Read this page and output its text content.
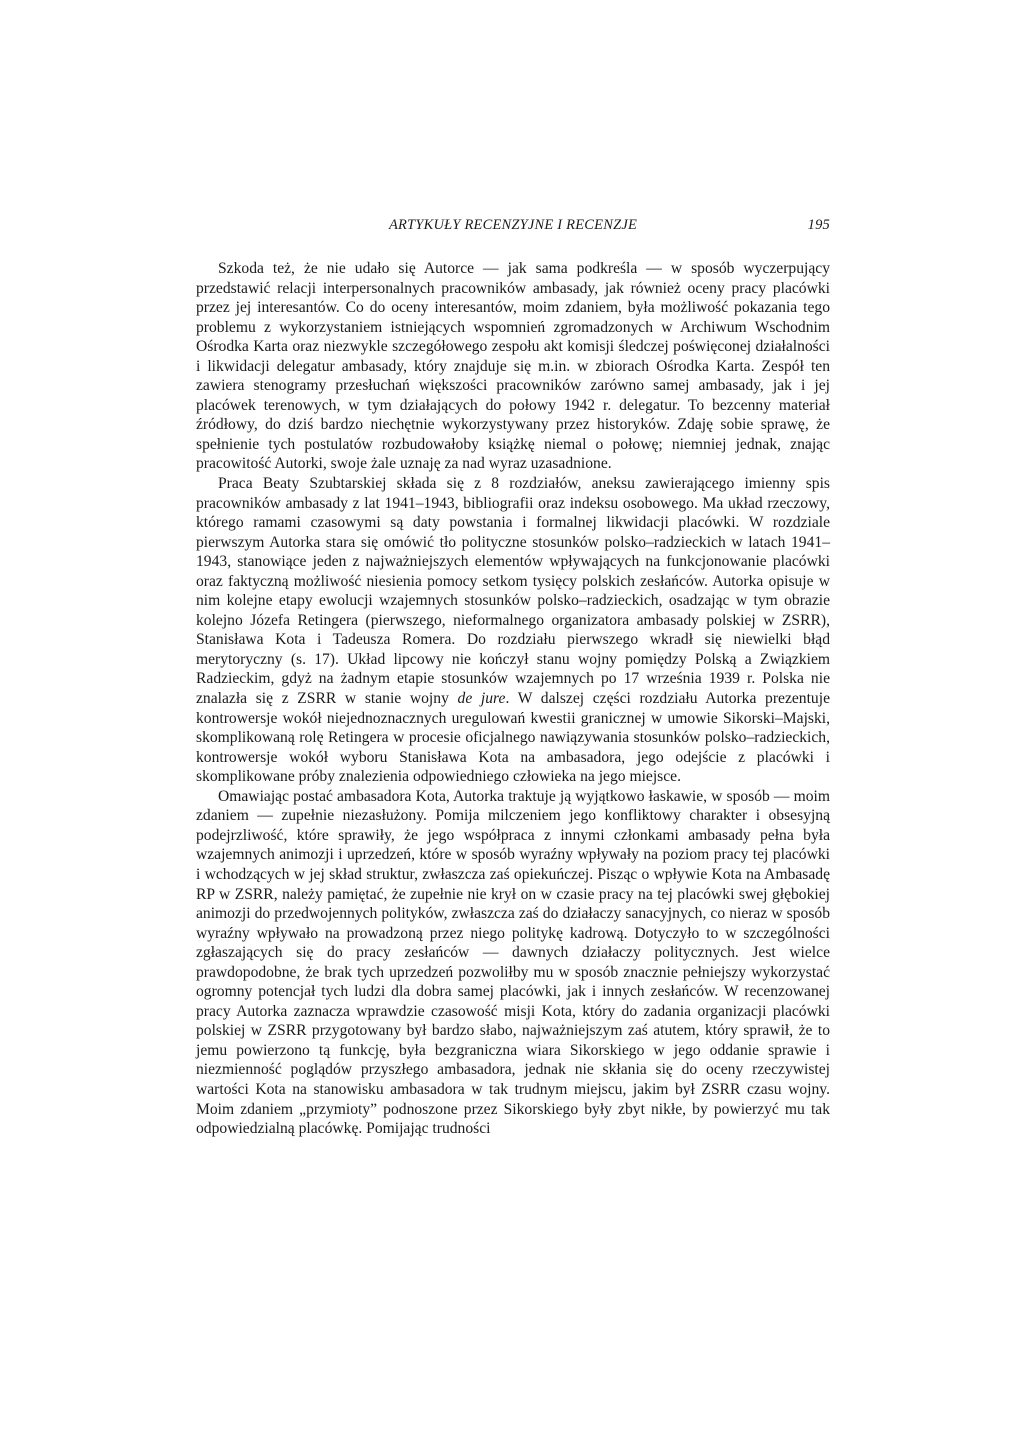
ARTYKUŁY RECENZYJNE I RECENZJE	195

Szkoda też, że nie udało się Autorce — jak sama podkreśla — w sposób wyczerpujący przedstawić relacji interpersonalnych pracowników ambasady, jak również oceny pracy placówki przez jej interesantów. Co do oceny interesantów, moim zdaniem, była możliwość pokazania tego problemu z wykorzystaniem istniejących wspomnień zgromadzonych w Archiwum Wschodnim Ośrodka Karta oraz niezwykle szczegółowego zespołu akt komisji śledczej poświęconej działalności i likwidacji delegatur ambasady, który znajduje się m.in. w zbiorach Ośrodka Karta. Zespół ten zawiera stenogramy przesłuchań większości pracowników zarówno samej ambasady, jak i jej placówek terenowych, w tym działających do połowy 1942 r. delegatur. To bezcenny materiał źródłowy, do dziś bardzo niechętnie wykorzystywany przez historyków. Zdaję sobie sprawę, że spełnienie tych postulatów rozbudowałoby książkę niemal o połowę; niemniej jednak, znając pracowitość Autorki, swoje żale uznaję za nad wyraz uzasadnione.

Praca Beaty Szubtarskiej składa się z 8 rozdziałów, aneksu zawierającego imienny spis pracowników ambasady z lat 1941–1943, bibliografii oraz indeksu osobowego. Ma układ rzeczowy, którego ramami czasowymi są daty powstania i formalnej likwidacji placówki. W rozdziale pierwszym Autorka stara się omówić tło polityczne stosunków polsko–radzieckich w latach 1941–1943, stanowiące jeden z najważniejszych elementów wpływających na funkcjonowanie placówki oraz faktyczną możliwość niesienia pomocy setkom tysięcy polskich zesłańców. Autorka opisuje w nim kolejne etapy ewolucji wzajemnych stosunków polsko–radzieckich, osadzając w tym obrazie kolejno Józefa Retingera (pierwszego, nieformalnego organizatora ambasady polskiej w ZSRR), Stanisława Kota i Tadeusza Romera. Do rozdziału pierwszego wkradł się niewielki błąd merytoryczny (s. 17). Układ lipcowy nie kończył stanu wojny pomiędzy Polską a Związkiem Radzieckim, gdyż na żadnym etapie stosunków wzajemnych po 17 września 1939 r. Polska nie znalazła się z ZSRR w stanie wojny de jure. W dalszej części rozdziału Autorka prezentuje kontrowersje wokół niejednoznacznych uregulowań kwestii granicznej w umowie Sikorski–Majski, skomplikowaną rolę Retingera w procesie oficjalnego nawiązywania stosunków polsko–radzieckich, kontrowersje wokół wyboru Stanisława Kota na ambasadora, jego odejście z placówki i skomplikowane próby znalezienia odpowiedniego człowieka na jego miejsce.

Omawiając postać ambasadora Kota, Autorka traktuje ją wyjątkowo łaskawie, w sposób — moim zdaniem — zupełnie niezasłużony. Pomija milczeniem jego konfliktowy charakter i obsesyjną podejrzliwość, które sprawiły, że jego współpraca z innymi członkami ambasady pełna była wzajemnych animozji i uprzedzeń, które w sposób wyraźny wpływały na poziom pracy tej placówki i wchodzących w jej skład struktur, zwłaszcza zaś opiekuńczej. Pisząc o wpływie Kota na Ambasadę RP w ZSRR, należy pamiętać, że zupełnie nie krył on w czasie pracy na tej placówki swej głębokiej animozji do przedwojennych polityków, zwłaszcza zaś do działaczy sanacyjnych, co nieraz w sposób wyraźny wpływało na prowadzoną przez niego politykę kadrową. Dotyczyło to w szczególności zgłaszających się do pracy zesłańców — dawnych działaczy politycznych. Jest wielce prawdopodobne, że brak tych uprzedzeń pozwoliłby mu w sposób znacznie pełniejszy wykorzystać ogromny potencjał tych ludzi dla dobra samej placówki, jak i innych zesłańców. W recenzowanej pracy Autorka zaznacza wprawdzie czasowość misji Kota, który do zadania organizacji placówki polskiej w ZSRR przygotowany był bardzo słabo, najważniejszym zaś atutem, który sprawił, że to jemu powierzono tą funkcję, była bezgraniczna wiara Sikorskiego w jego oddanie sprawie i niezmienność poglądów przyszłego ambasadora, jednak nie skłania się do oceny rzeczywistej wartości Kota na stanowisku ambasadora w tak trudnym miejscu, jakim był ZSRR czasu wojny. Moim zdaniem „przymioty” podnoszone przez Sikorskiego były zbyt nikłe, by powierzyć mu tak odpowiedzialną placówkę. Pomijając trudności
